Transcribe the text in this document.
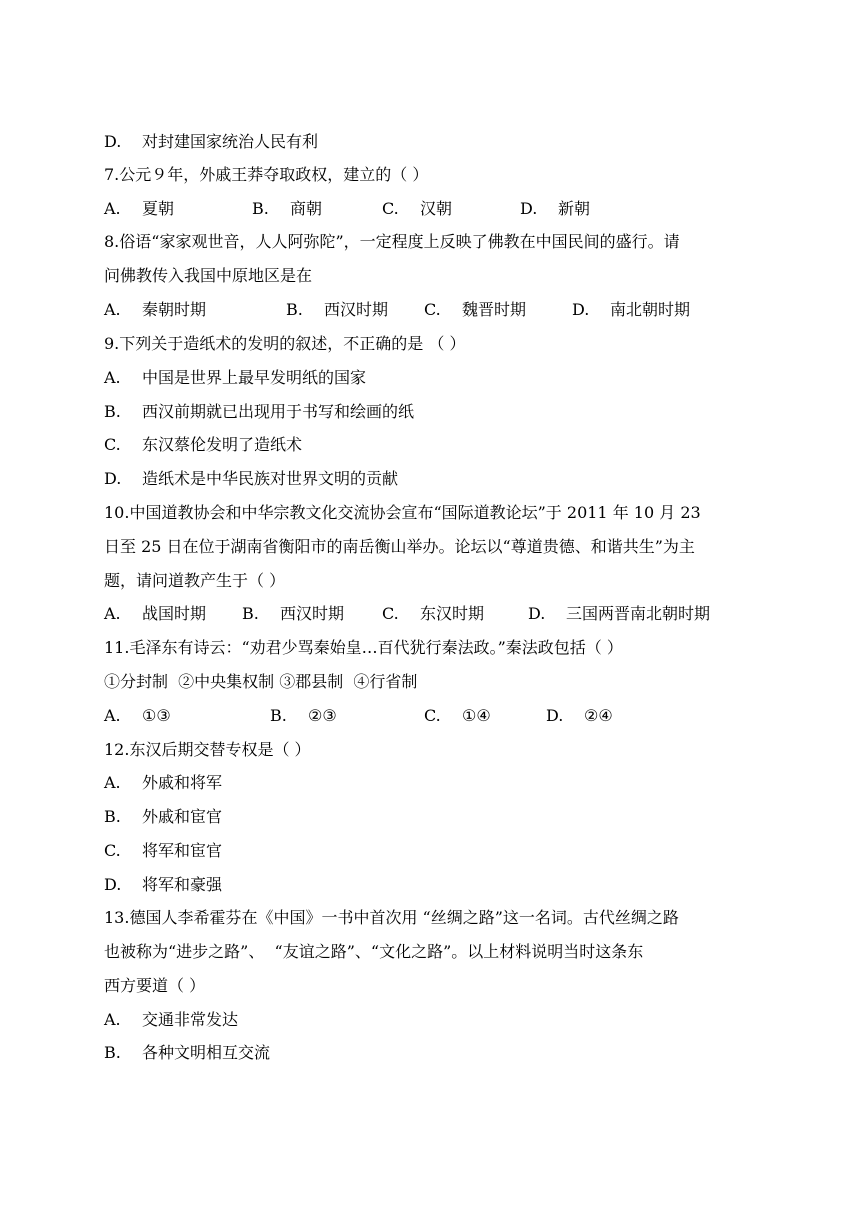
D. 对封建国家统治人民有利
7.公元９年，外戚王莽夺取政权，建立的（ ）
A. 夏朝	B. 商朝	C. 汉朝	D. 新朝
8.俗语“家家观世音，人人阿弥陀”，一定程度上反映了佛教在中国民间的盛行。请
问佛教传入我国中原地区是在
A. 秦朝时期	B. 西汉时期 C. 魏晋时期	D. 南北朝时期
9.下列关于造纸术的发明的叙述，不正确的是 （ ）
A. 中国是世界上最早发明纸的国家
B. 西汉前期就已出现用于书写和绘画的纸
C. 东汉蔡伦发明了造纸术
D. 造纸术是中华民族对世界文明的贡献
10.中国道教协会和中华宗教文化交流协会宣布“国际道教论坛”于 2011 年 10 月 23
日至 25 日在位于湖南省衡阳市的南岳衡山举办。论坛以“尊道贵德、和谐共生”为主
题，请问道教产生于（ ）
A. 战国时期 B. 西汉时期 C. 东汉时期	D. 三国两晋南北朝时期
11.毛泽东有诗云：“劝君少骂秦始皇…百代犹行秦法政。”秦法政包括（ ）
①分封制  ②中央集权制 ③郡县制  ④行省制
A. ①③	B. ②③	C. ①④	D. ②④
12.东汉后期交替专权是（ ）
A. 外戚和将军
B. 外戚和宦官
C. 将军和宦官
D. 将军和豪强
13.德国人李希霍芬在《中国》一书中首次用 “丝绸之路”这一名词。古代丝绸之路
也被称为“进步之路”、  “友谊之路”、“文化之路”。以上材料说明当时这条东
西方要道（ ）
A. 交通非常发达
B. 各种文明相互交流
